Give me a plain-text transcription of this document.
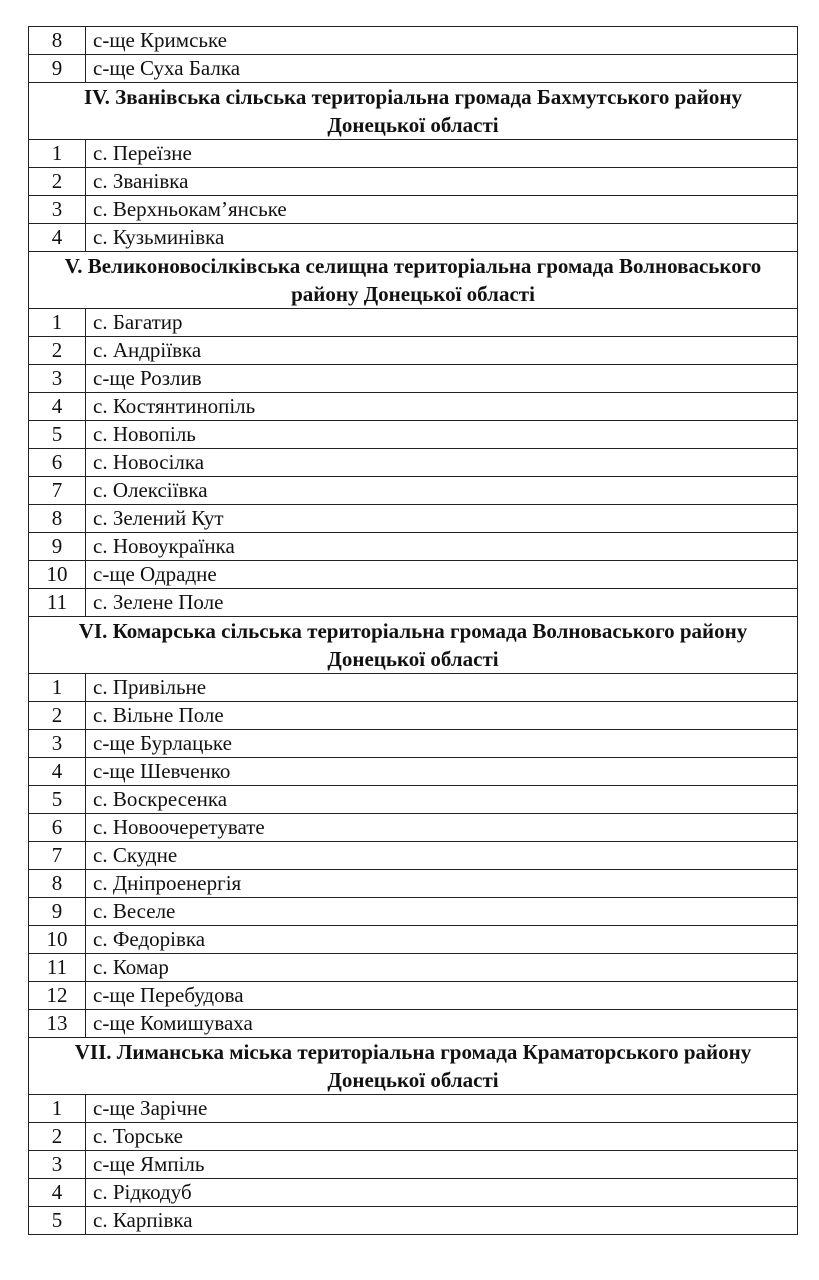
8	с-ще Кримське
9	с-ще Суха Балка
IV. Званівська сільська територіальна громада Бахмутського району Донецької області	
1	с. Переїзне
2	с. Званівка
3	с. Верхньокам’янське
4	с. Кузьминівка
V. Великоновосілківська селищна територіальна громада Волноваського району Донецької області	
1	с. Багатир
2	с. Андріївка
3	с-ще Розлив
4	с. Костянтинопіль
5	с. Новопіль
6	с. Новосілка
7	с. Олексіївка
8	с. Зелений Кут
9	с. Новоукраїнка
10	с-ще Одрадне
11	с. Зелене Поле
VI. Комарська сільська територіальна громада Волноваського району Донецької області	
1	с. Привільне
2	с. Вільне Поле
3	с-ще Бурлацьке
4	с-ще Шевченко
5	с. Воскресенка
6	с. Новоочеретувате
7	с. Скудне
8	с. Дніпроенергія
9	с. Веселе
10	с. Федорівка
11	с. Комар
12	с-ще Перебудова
13	с-ще Комишуваха
VII. Лиманська міська територіальна громада Краматорського району Донецької області	
1	с-ще Зарічне
2	с. Торське
3	с-ще Ямпіль
4	с. Рідкодуб
5	с. Карпівка
